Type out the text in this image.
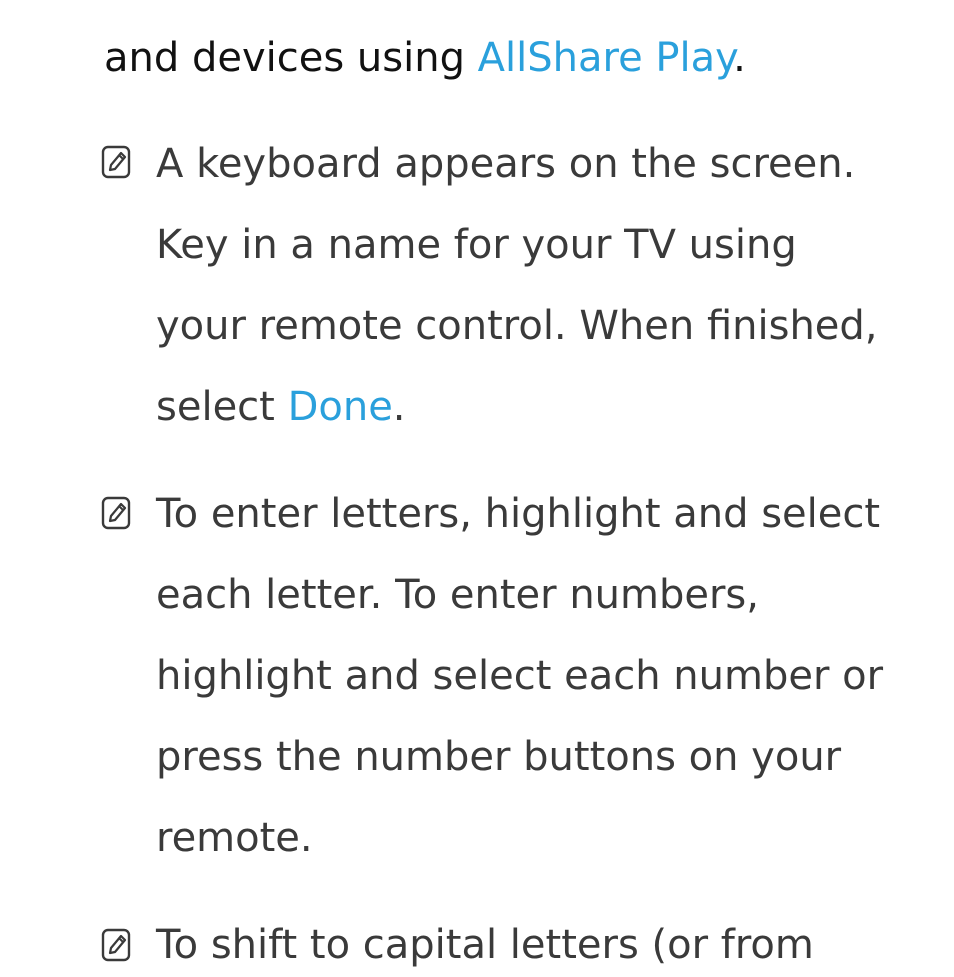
and devices using AllShare Play.

A keyboard appears on the screen.

Key in a name for your TV using

your remote control. When finished,

select Done.

To enter letters, highlight and select

each letter. To enter numbers,

highlight and select each number or

press the number buttons on your

remote.

To shift to capital letters (or from
